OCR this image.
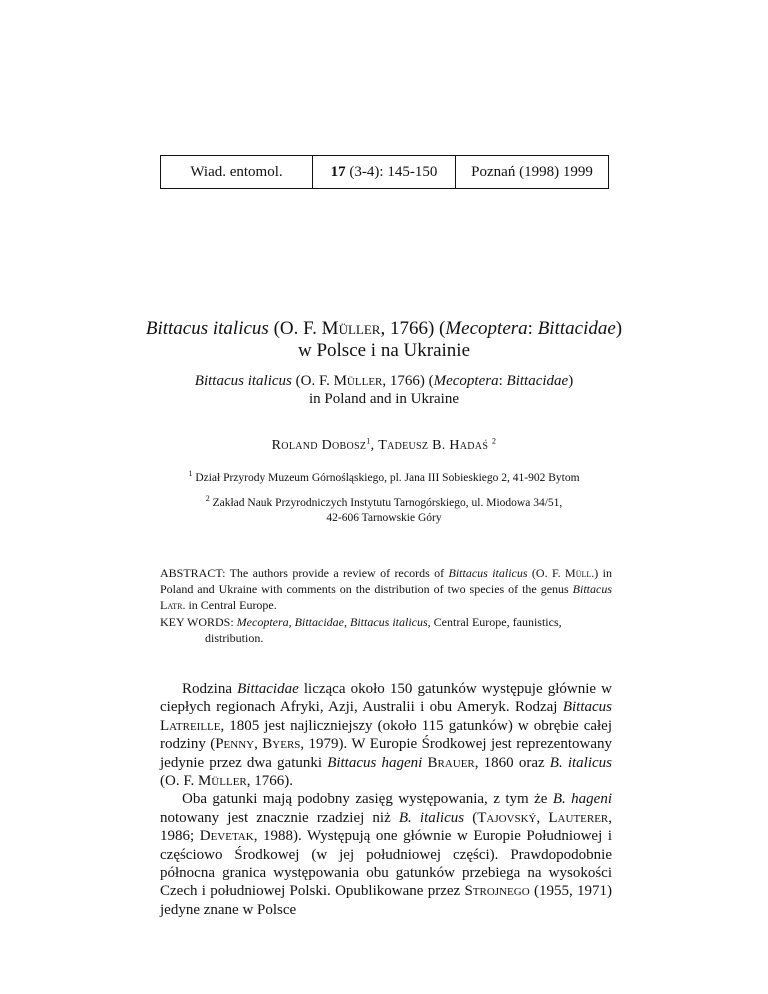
Wiad. entomol.	17 (3-4): 145-150 Poznań (1998) 1999
Bittacus italicus (O. F. Müller, 1766) (Mecoptera: Bittacidae)
w Polsce i na Ukrainie
Bittacus italicus (O. F. Müller, 1766) (Mecoptera: Bittacidae)
in Poland and in Ukraine
Roland Dobosz$^1$, Tadeusz B. Hadaś $^2$
$^1$ Dział Przyrody Muzeum Górnośląskiego, pl. Jana III Sobieskiego 2, 41-902 Bytom
$^2$ Zakład Nauk Przyrodniczych Instytutu Tarnogórskiego, ul. Miodowa 34/51,
42-606 Tarnowskie Góry
ABSTRACT: The authors provide a review of records of Bittacus italicus (O. F. Müll.) in Poland and Ukraine with comments on the distribution of two species of the genus Bittacus Latr. in Central Europe.
KEY WORDS: Mecoptera, Bittacidae, Bittacus italicus, Central Europe, faunistics, distribution.

Rodzina Bittacidae licząca około 150 gatunków występuje głównie w ciepłych regionach Afryki, Azji, Australii i obu Ameryk. Rodzaj Bittacus Latreille, 1805 jest najliczniejszy (około 115 gatunków) w obrębie całej rodziny (Penny, Byers, 1979). W Europie Środkowej jest reprezentowany jedynie przez dwa gatunki Bittacus hageni Brauer, 1860 oraz B. italicus (O. F. Müller, 1766).

Oba gatunki mają podobny zasięg występowania, z tym że B. hageni notowany jest znacznie rzadziej niż B. italicus (Tajovský, Lauterer, 1986; Devetak, 1988). Występują one głównie w Europie Południowej i częściowo Środkowej (w jej południowej części). Prawdopodobnie północna granica występowania obu gatunków przebiega na wysokości Czech i południowej Polski. Opublikowane przez Strojnego (1955, 1971) jedyne znane w Polsce
